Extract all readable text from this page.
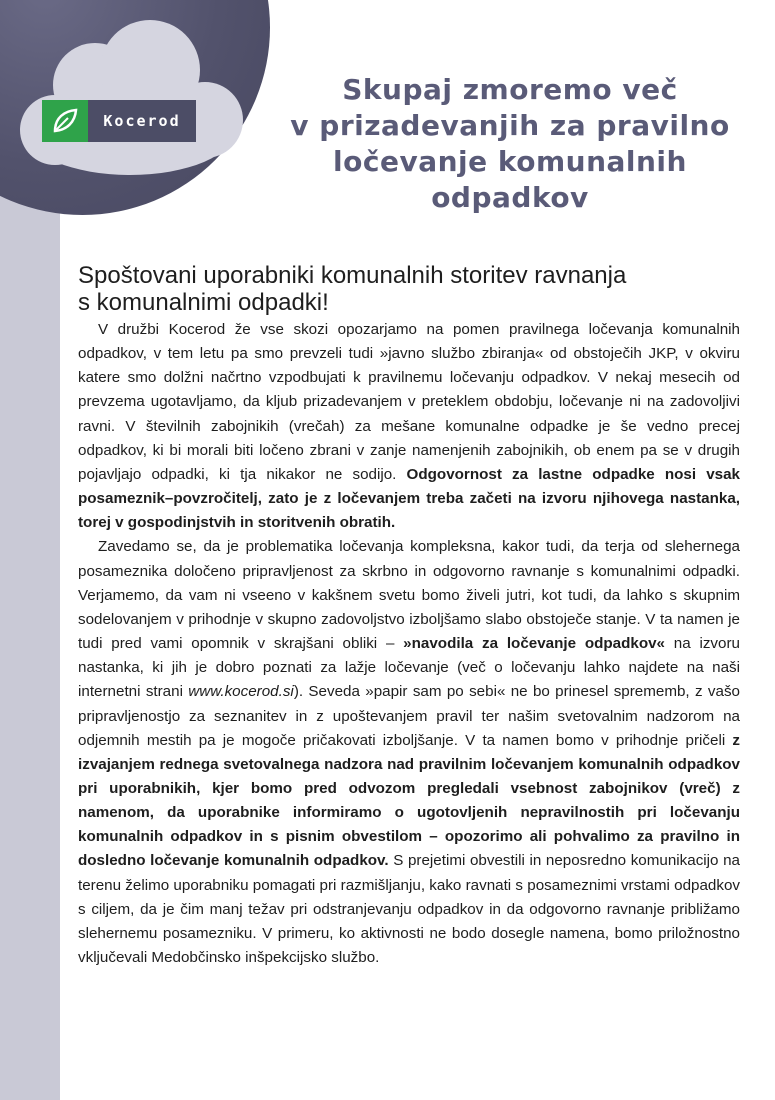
Kocerod
Skupaj zmoremo več
v prizadevanjih za pravilno
ločevanje komunalnih
odpadkov
Spoštovani uporabniki komunalnih storitev ravnanja
s komunalnimi odpadki!

V družbi Kocerod že vse skozi opozarjamo na pomen pravilnega ločevanja komunalnih odpadkov, v tem letu pa smo prevzeli tudi »javno službo zbiranja« od obstoječih JKP, v okviru katere smo dolžni načrtno vzpodbujati k pravilnemu ločevanju odpadkov. V nekaj mesecih od prevzema ugotavljamo, da kljub prizadevanjem v preteklem obdobju, ločevanje ni na zadovoljivi ravni. V številnih zabojnikih (vrečah) za mešane komunalne odpadke je še vedno precej odpadkov, ki bi morali biti ločeno zbrani v zanje namenjenih zabojnikih, ob enem pa se v drugih pojavljajo odpadki, ki tja nikakor ne sodijo. Odgovornost za lastne odpadke nosi vsak posameznik–povzročitelj, zato je z ločevanjem treba začeti na izvoru njihovega nastanka, torej v gospodinjstvih in storitvenih obratih.

Zavedamo se, da je problematika ločevanja kompleksna, kakor tudi, da terja od slehernega posameznika določeno pripravljenost za skrbno in odgovorno ravnanje s komunalnimi odpadki. Verjamemo, da vam ni vseeno v kakšnem svetu bomo živeli jutri, kot tudi, da lahko s skupnim sodelovanjem v prihodnje v skupno zadovoljstvo izboljšamo slabo obstoječe stanje. V ta namen je tudi pred vami opomnik v skrajšani obliki – »navodila za ločevanje odpadkov« na izvoru nastanka, ki jih je dobro poznati za lažje ločevanje (več o ločevanju lahko najdete na naši internetni strani www.kocerod.si). Seveda »papir sam po sebi« ne bo prinesel sprememb, z vašo pripravljenostjo za seznanitev in z upoštevanjem pravil ter našim svetovalnim nadzorom na odjemnih mestih pa je mogoče pričakovati izboljšanje. V ta namen bomo v prihodnje pričeli z izvajanjem rednega svetovalnega nadzora nad pravilnim ločevanjem komunalnih odpadkov pri uporabnikih, kjer bomo pred odvozom pregledali vsebnost zabojnikov (vreč) z namenom, da uporabnike informiramo o ugotovljenih nepravilnostih pri ločevanju komunalnih odpadkov in s pisnim obvestilom – opozorimo ali pohvalimo za pravilno in dosledno ločevanje komunalnih odpadkov. S prejetimi obvestili in neposredno komunikacijo na terenu želimo uporabniku pomagati pri razmišljanju, kako ravnati s posameznimi vrstami odpadkov s ciljem, da je čim manj težav pri odstranjevanju odpadkov in da odgovorno ravnanje približamo slehernemu posamezniku. V primeru, ko aktivnosti ne bodo dosegle namena, bomo priložnostno vključevali Medobčinsko inšpekcijsko službo.
